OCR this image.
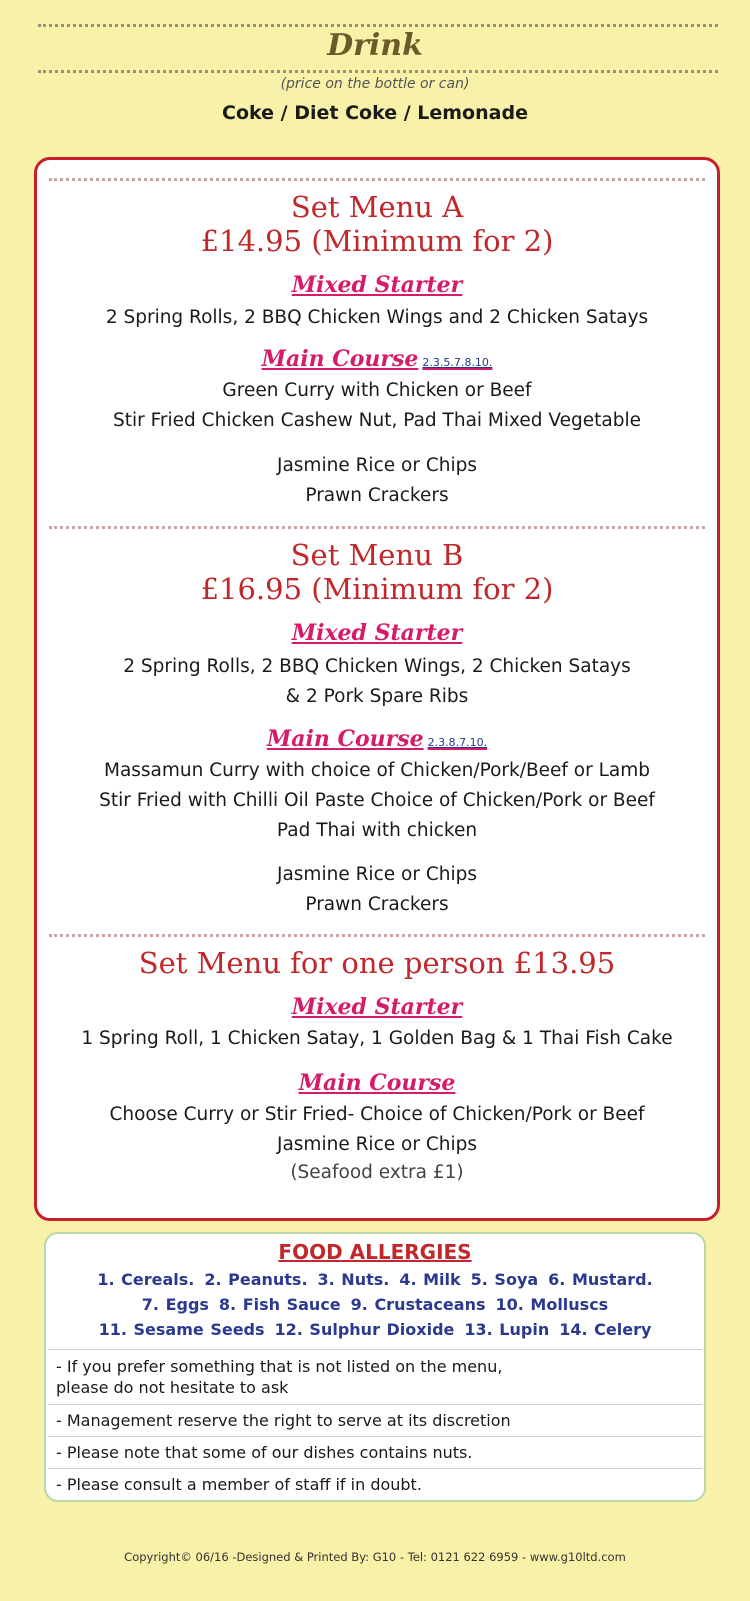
Drink
(price on the bottle or can)
Coke / Diet Coke / Lemonade
Set Menu A
£14.95 (Minimum for 2)
Mixed Starter
2 Spring Rolls, 2 BBQ Chicken Wings and 2 Chicken Satays
Main Course 2.3.5.7.8.10.
Green Curry with Chicken or Beef
Stir Fried Chicken Cashew Nut, Pad Thai Mixed Vegetable
Jasmine Rice or Chips
Prawn Crackers
Set Menu B
£16.95 (Minimum for 2)
Mixed Starter
2 Spring Rolls, 2 BBQ Chicken Wings, 2 Chicken Satays
& 2 Pork Spare Ribs
Main Course 2.3.8.7.10.
Massamun Curry with choice of Chicken/Pork/Beef or Lamb
Stir Fried with Chilli Oil Paste Choice of Chicken/Pork or Beef
Pad Thai with chicken
Jasmine Rice or Chips
Prawn Crackers
Set Menu for one person £13.95
Mixed Starter
1 Spring Roll, 1 Chicken Satay, 1 Golden Bag & 1 Thai Fish Cake
Main Course
Choose Curry or Stir Fried- Choice of Chicken/Pork or Beef
Jasmine Rice or Chips
(Seafood extra £1)
FOOD ALLERGIES
1. Cereals. 2. Peanuts. 3. Nuts. 4. Milk 5. Soya 6. Mustard.
7. Eggs 8. Fish Sauce 9. Crustaceans 10. Molluscs
11. Sesame Seeds 12. Sulphur Dioxide 13. Lupin 14. Celery
- If you prefer something that is not listed on the menu,
please do not hesitate to ask
- Management reserve the right to serve at its discretion
- Please note that some of our dishes contains nuts.
- Please consult a member of staff if in doubt.
Copyright© 06/16 -Designed & Printed By: G10 - Tel: 0121 622 6959 - www.g10ltd.com
